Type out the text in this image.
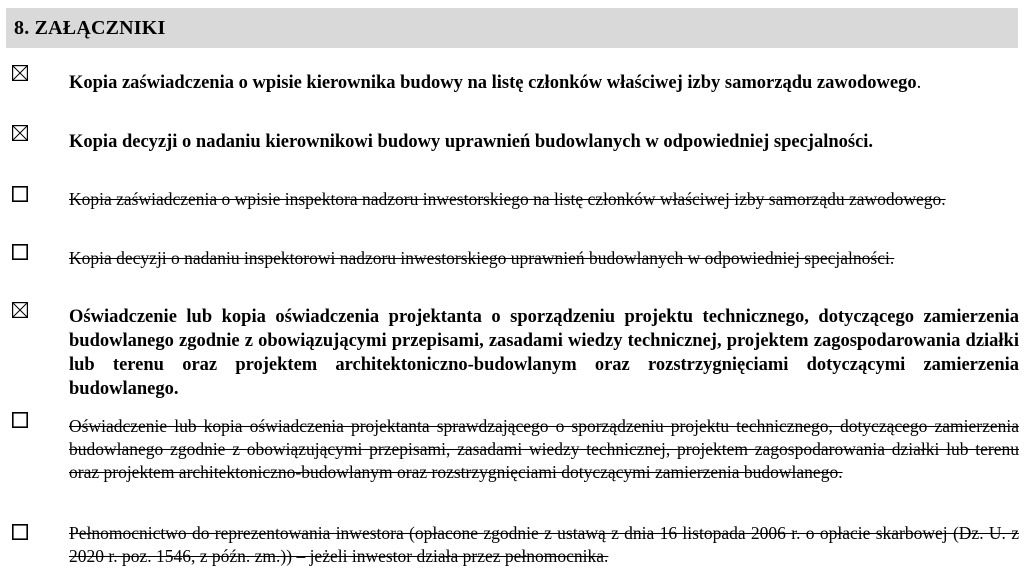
8. ZAŁĄCZNIKI
Kopia zaświadczenia o wpisie kierownika budowy na listę członków właściwej izby samorządu zawodowego.
Kopia decyzji o nadaniu kierownikowi budowy uprawnień budowlanych w odpowiedniej specjalności.
Kopia zaświadczenia o wpisie inspektora nadzoru inwestorskiego na listę członków właściwej izby samorządu zawodowego.
Kopia decyzji o nadaniu inspektorowi nadzoru inwestorskiego uprawnień budowlanych w odpowiedniej specjalności.
Oświadczenie lub kopia oświadczenia projektanta o sporządzeniu projektu technicznego, dotyczącego zamierzenia budowlanego zgodnie z obowiązującymi przepisami, zasadami wiedzy technicznej, projektem zagospodarowania działki lub terenu oraz projektem architektoniczno-budowlanym oraz rozstrzygnięciami dotyczącymi zamierzenia budowlanego.
Oświadczenie lub kopia oświadczenia projektanta sprawdzającego o sporządzeniu projektu technicznego, dotyczącego zamierzenia budowlanego zgodnie z obowiązującymi przepisami, zasadami wiedzy technicznej, projektem zagospodarowania działki lub terenu oraz projektem architektoniczno-budowlanym oraz rozstrzygnięciami dotyczącymi zamierzenia budowlanego.
Pełnomocnictwo do reprezentowania inwestora (opłacone zgodnie z ustawą z dnia 16 listopada 2006 r. o opłacie skarbowej (Dz. U. z 2020 r. poz. 1546, z późn. zm.)) – jeżeli inwestor działa przez pełnomocnika.
